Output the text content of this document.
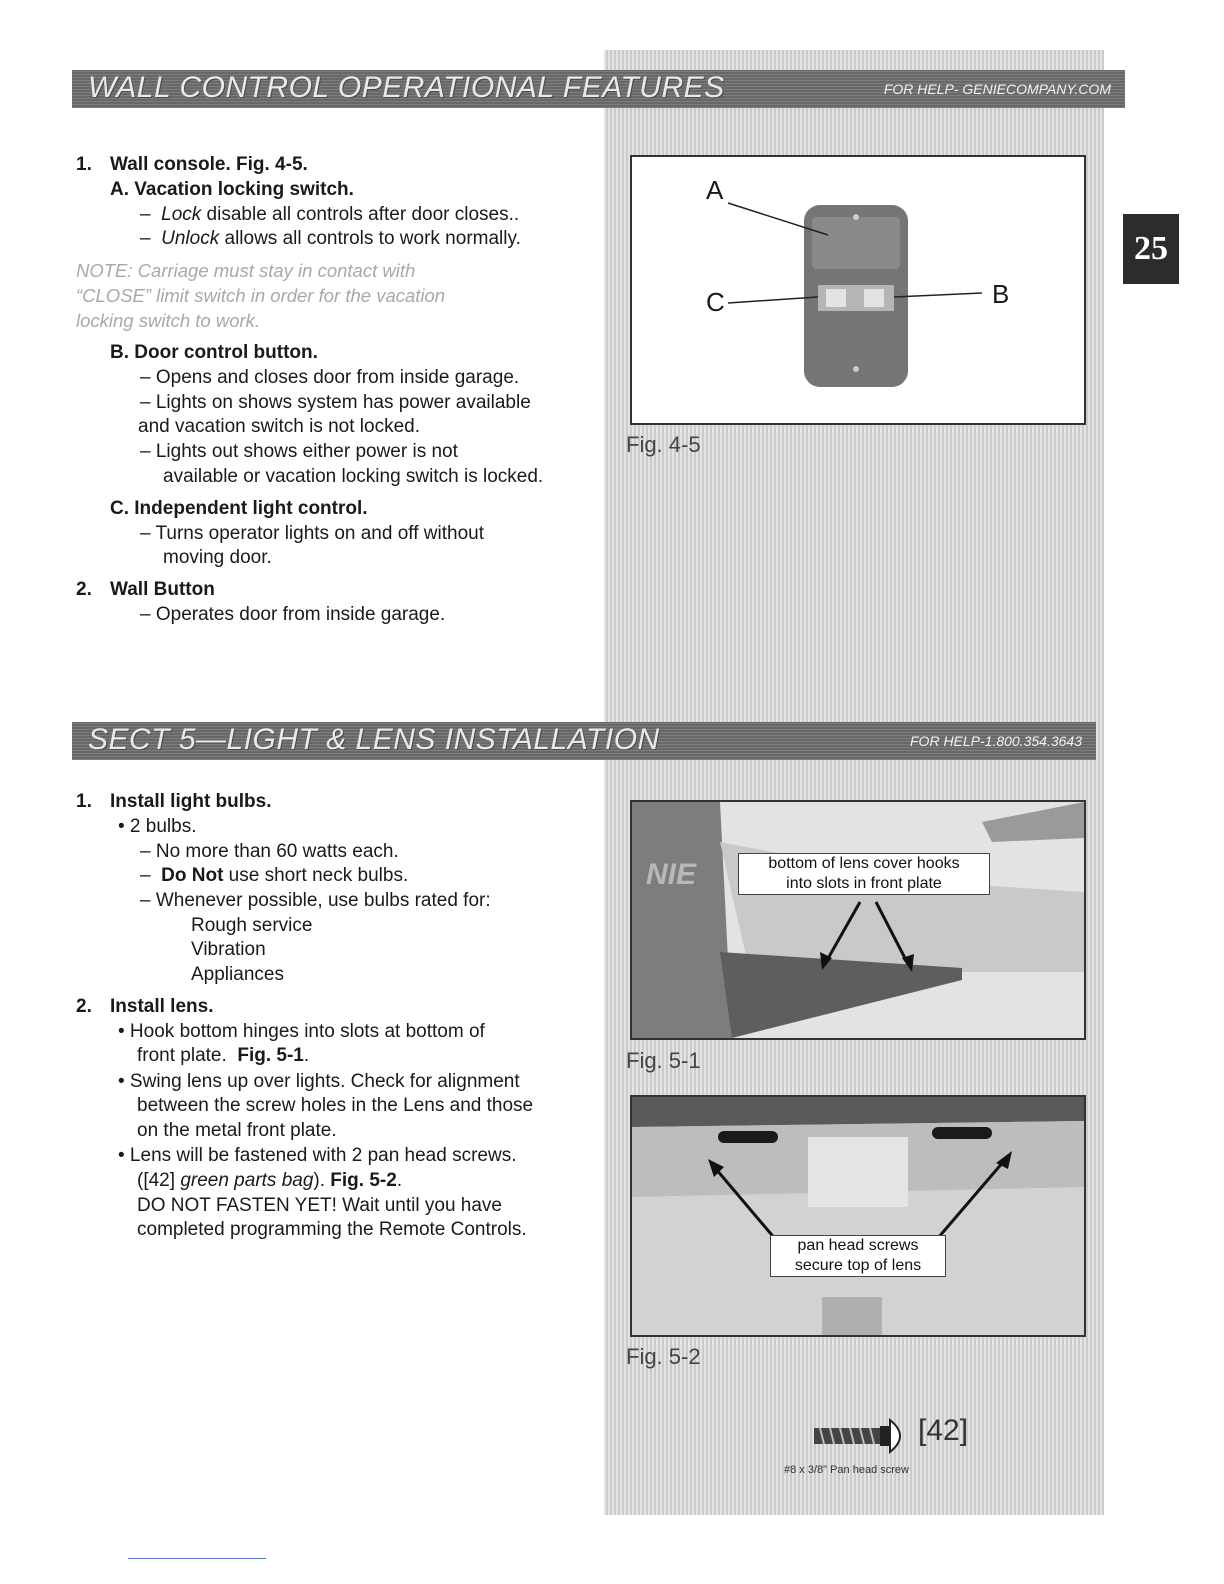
WALL CONTROL OPERATIONAL FEATURES	FOR HELP- GENIECOMPANY.COM
25
1. Wall console. Fig. 4-5.
A. Vacation locking switch.
– Lock disable all controls after door closes..
– Unlock allows all controls to work normally.
NOTE: Carriage must stay in contact with
“CLOSE” limit switch in order for the vacation
locking switch to work.
B. Door control button.
– Opens and closes door from inside garage.
– Lights on shows system has power available
and vacation switch is not locked.
– Lights out shows either power is not
available or vacation locking switch is locked.
C. Independent light control.
– Turns operator lights on and off without
moving door.
2. Wall Button
– Operates door from inside garage.
A
B
C
Fig. 4-5
SECT 5—LIGHT & LENS INSTALLATION	FOR HELP-1.800.354.3643
1. Install light bulbs.
• 2 bulbs.
– No more than 60 watts each.
– Do Not use short neck bulbs.
– Whenever possible, use bulbs rated for:
Rough service
Vibration
Appliances
2. Install lens.
• Hook bottom hinges into slots at bottom of
front plate. Fig. 5-1.
• Swing lens up over lights. Check for alignment
between the screw holes in the Lens and those
on the metal front plate.
• Lens will be fastened with 2 pan head screws.
([42] green parts bag). Fig. 5-2.
DO NOT FASTEN YET! Wait until you have
completed programming the Remote Controls.
NIE	bottom of lens cover hooks
into slots in front plate
Fig. 5-1
pan head screws
secure top of lens
Fig. 5-2
[42]
#8 x 3/8" Pan head screw
